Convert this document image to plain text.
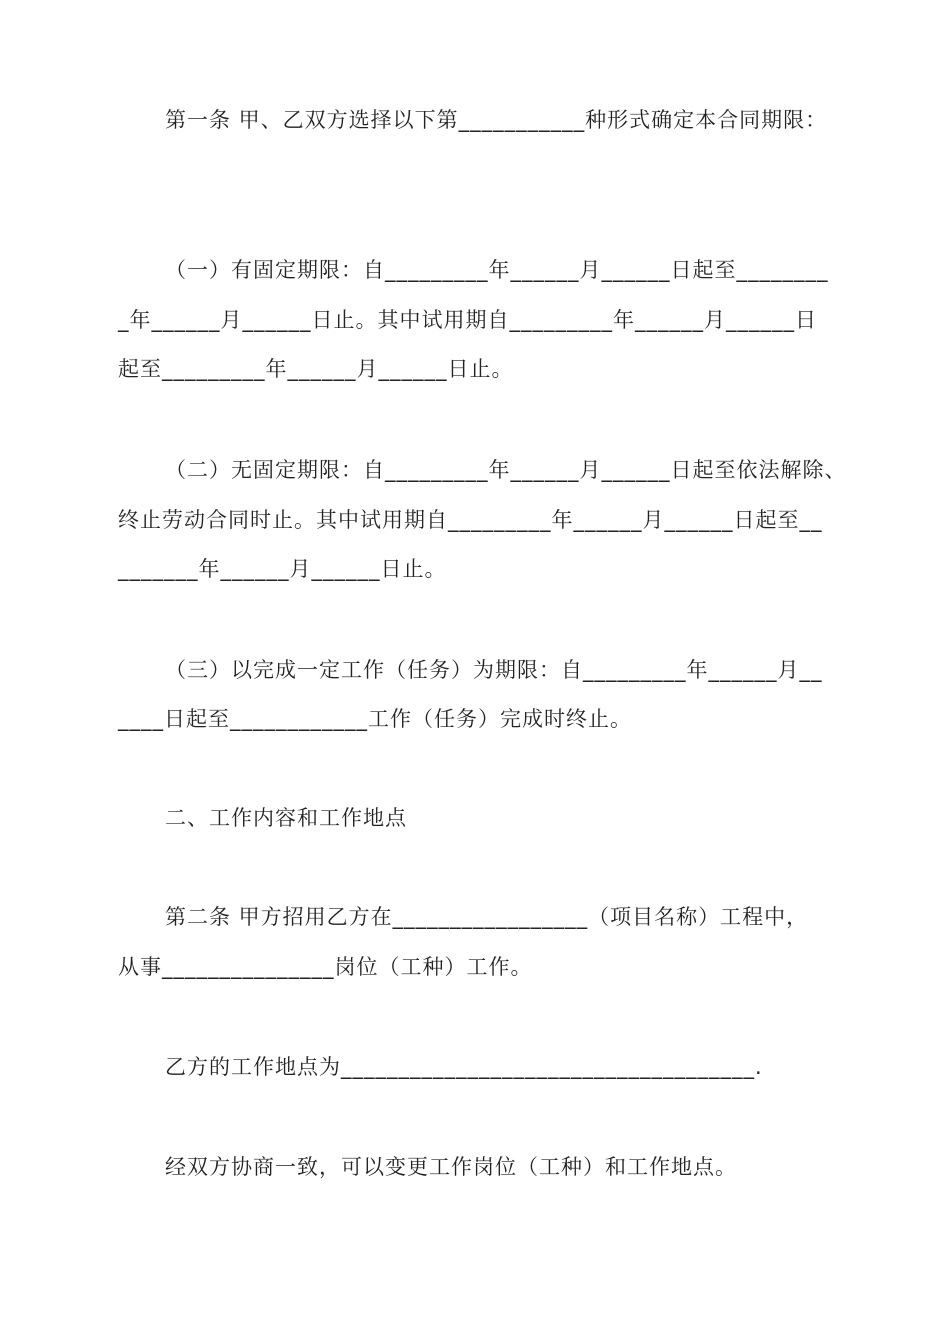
第一条 甲、乙双方选择以下第___________种形式确定本合同期限：
（一）有固定期限：自_________年______月______日起至________
_年______月______日止。其中试用期自_________年______月______日
起至_________年______月______日止。
（二）无固定期限：自_________年______月______日起至依法解除、
终止劳动合同时止。其中试用期自_________年______月______日起至__
_______年______月______日止。
（三）以完成一定工作（任务）为期限：自_________年______月__
____日起至____________工作（任务）完成时终止。
二、工作内容和工作地点
第二条 甲方招用乙方在_________________（项目名称）工程中，
从事_______________岗位（工种）工作。
乙方的工作地点为____________________________________.
经双方协商一致，可以变更工作岗位（工种）和工作地点。
